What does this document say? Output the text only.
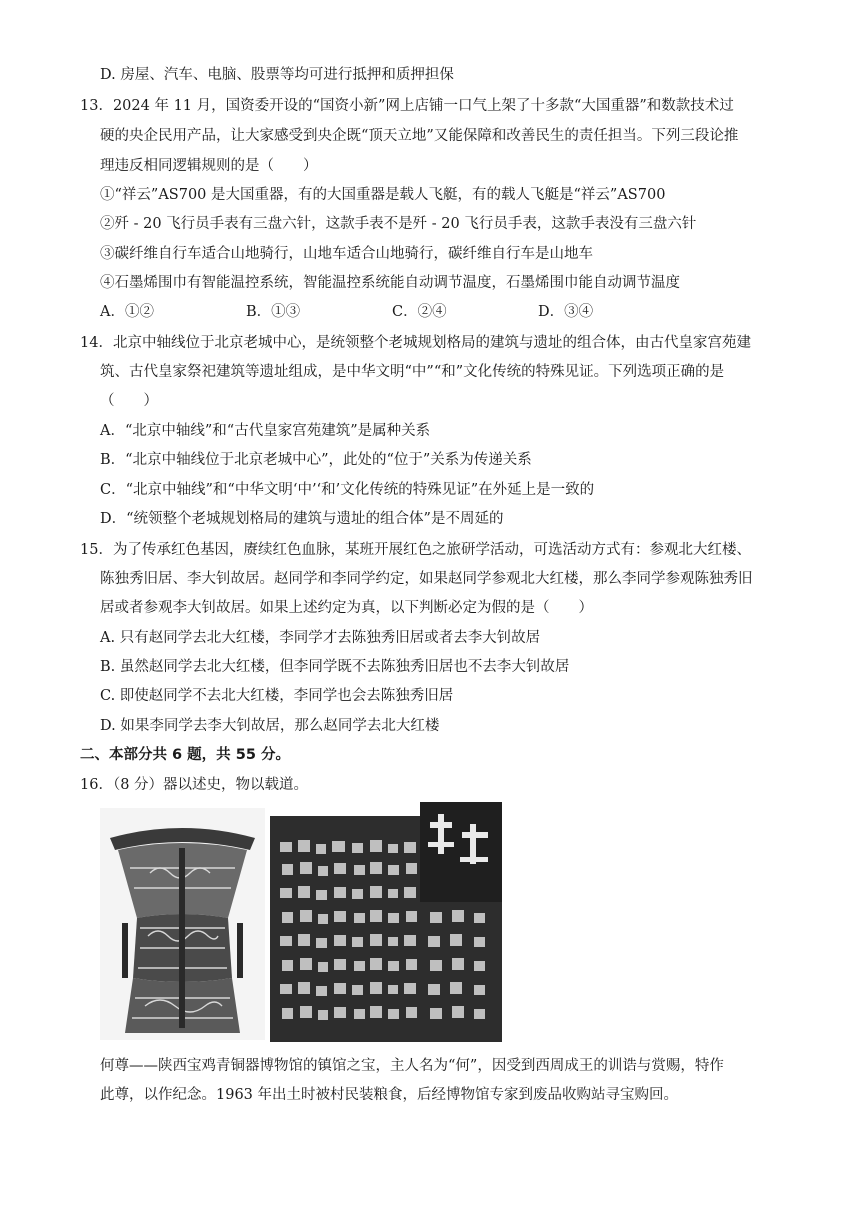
D. 房屋、汽车、电脑、股票等均可进行抵押和质押担保
13．2024 年 11 月，国资委开设的“国资小新”网上店铺一口气上架了十多款“大国重器”和数款技术过
硬的央企民用产品，让大家感受到央企既“顶天立地”又能保障和改善民生的责任担当。下列三段论推
理违反相同逻辑规则的是（　　）
①“祥云”AS700 是大国重器，有的大国重器是载人飞艇，有的载人飞艇是“祥云”AS700
②歼 - 20 飞行员手表有三盘六针，这款手表不是歼 - 20 飞行员手表，这款手表没有三盘六针
③碳纤维自行车适合山地骑行，山地车适合山地骑行，碳纤维自行车是山地车
④石墨烯围巾有智能温控系统，智能温控系统能自动调节温度，石墨烯围巾能自动调节温度
A．①②	B．①③	C．②④	D．③④
14．北京中轴线位于北京老城中心，是统领整个老城规划格局的建筑与遗址的组合体，由古代皇家宫苑建
筑、古代皇家祭祀建筑等遗址组成，是中华文明“中”“和”文化传统的特殊见证。下列选项正确的是
（　　）
A．“北京中轴线”和“古代皇家宫苑建筑”是属种关系
B．“北京中轴线位于北京老城中心”，此处的“位于”关系为传递关系
C．“北京中轴线”和“中华文明‘中’‘和’文化传统的特殊见证”在外延上是一致的
D．“统领整个老城规划格局的建筑与遗址的组合体”是不周延的
15．为了传承红色基因，赓续红色血脉，某班开展红色之旅研学活动，可选活动方式有：参观北大红楼、
陈独秀旧居、李大钊故居。赵同学和李同学约定，如果赵同学参观北大红楼，那么李同学参观陈独秀旧
居或者参观李大钊故居。如果上述约定为真，以下判断必定为假的是（　　）
A. 只有赵同学去北大红楼，李同学才去陈独秀旧居或者去李大钊故居
B. 虽然赵同学去北大红楼，但李同学既不去陈独秀旧居也不去李大钊故居
C. 即使赵同学不去北大红楼，李同学也会去陈独秀旧居
D. 如果李同学去李大钊故居，那么赵同学去北大红楼
二、本部分共 6 题，共 55 分。
16．（8 分）器以述史，物以载道。
何尊——陕西宝鸡青铜器博物馆的镇馆之宝，主人名为“何”，因受到西周成王的训诰与赏赐，特作
此尊，以作纪念。1963 年出土时被村民装粮食，后经博物馆专家到废品收购站寻宝购回。
